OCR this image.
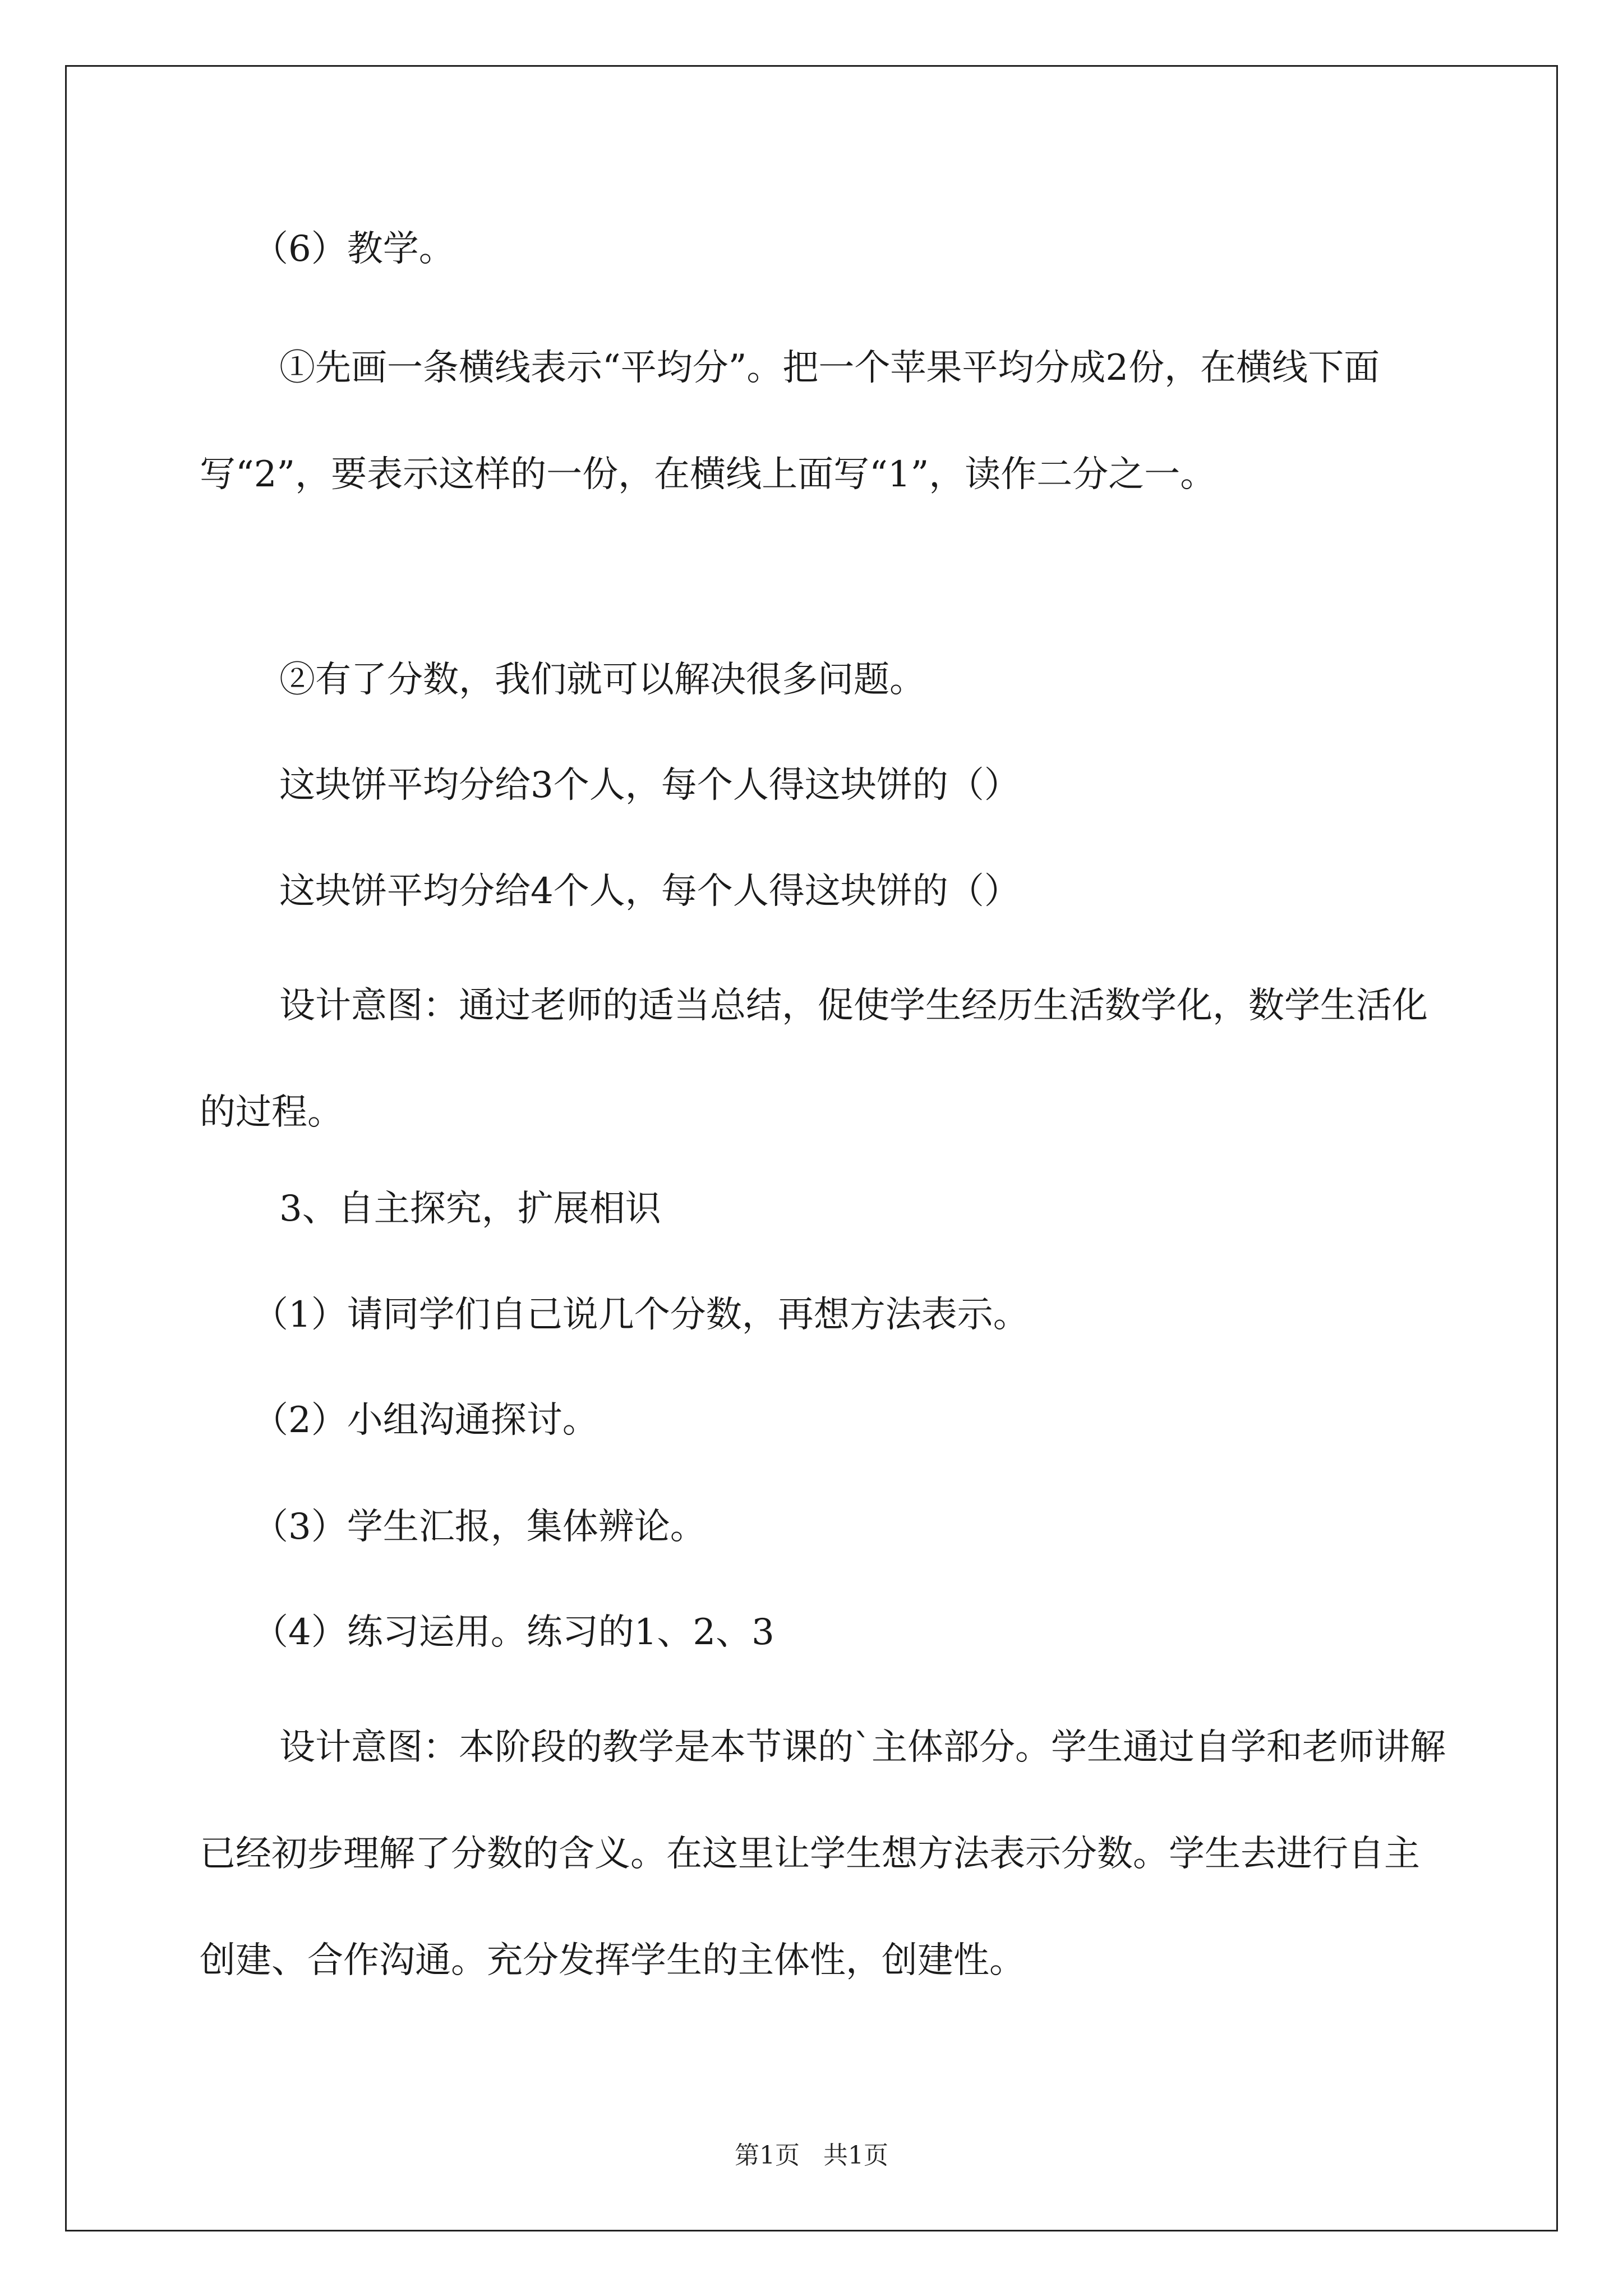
（6）教学。

①先画一条横线表示“平均分”。把一个苹果平均分成2份，在横线下面写“2”，要表示这样的一份，在横线上面写“1”，读作二分之一。

②有了分数，我们就可以解决很多问题。

这块饼平均分给3个人，每个人得这块饼的（）

这块饼平均分给4个人，每个人得这块饼的（）

设计意图：通过老师的适当总结，促使学生经历生活数学化，数学生活化的过程。

3、自主探究，扩展相识

（1）请同学们自己说几个分数，再想方法表示。

（2）小组沟通探讨。

（3）学生汇报，集体辨论。

（4）练习运用。练习的1、2、3

设计意图：本阶段的教学是本节课的`主体部分。学生通过自学和老师讲解已经初步理解了分数的含义。在这里让学生想方法表示分数。学生去进行自主创建、合作沟通。充分发挥学生的主体性，创建性。

第1页 共1页
